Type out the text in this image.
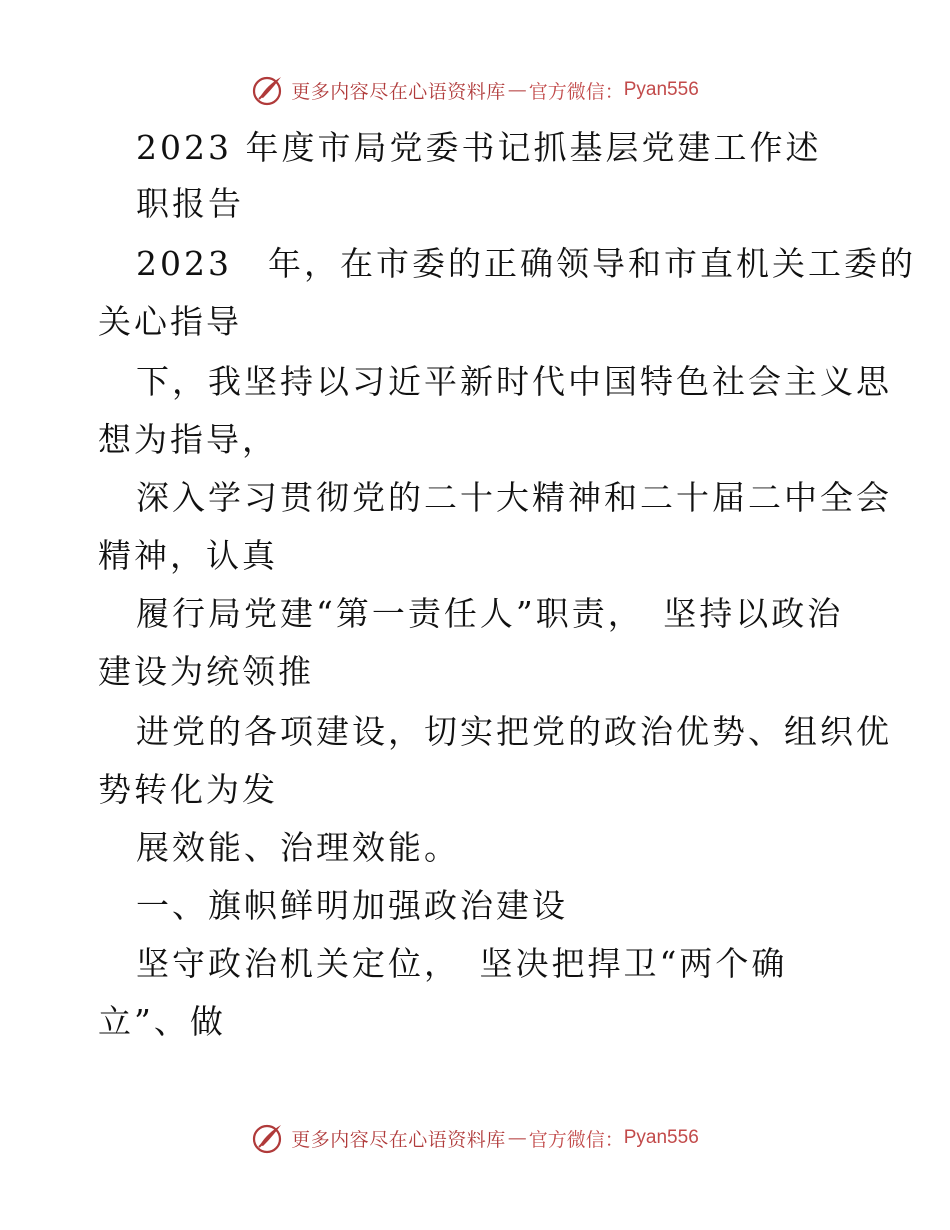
更多内容尽在心语资料库 — 官方微信： Pyan556
2023 年度市局党委书记抓基层党建工作述
职报告
2023　年，在市委的正确领导和市直机关工委的
关心指导
下，我坚持以习近平新时代中国特色社会主义思
想为指导，
深入学习贯彻党的二十大精神和二十届二中全会
精神，认真
履行局党建“第一责任人”职责，　坚持以政治
建设为统领推
进党的各项建设，切实把党的政治优势、组织优
势转化为发
展效能、治理效能。
一、旗帜鲜明加强政治建设
坚守政治机关定位，　坚决把捍卫“两个确
立”、做
更多内容尽在心语资料库 — 官方微信： Pyan556
